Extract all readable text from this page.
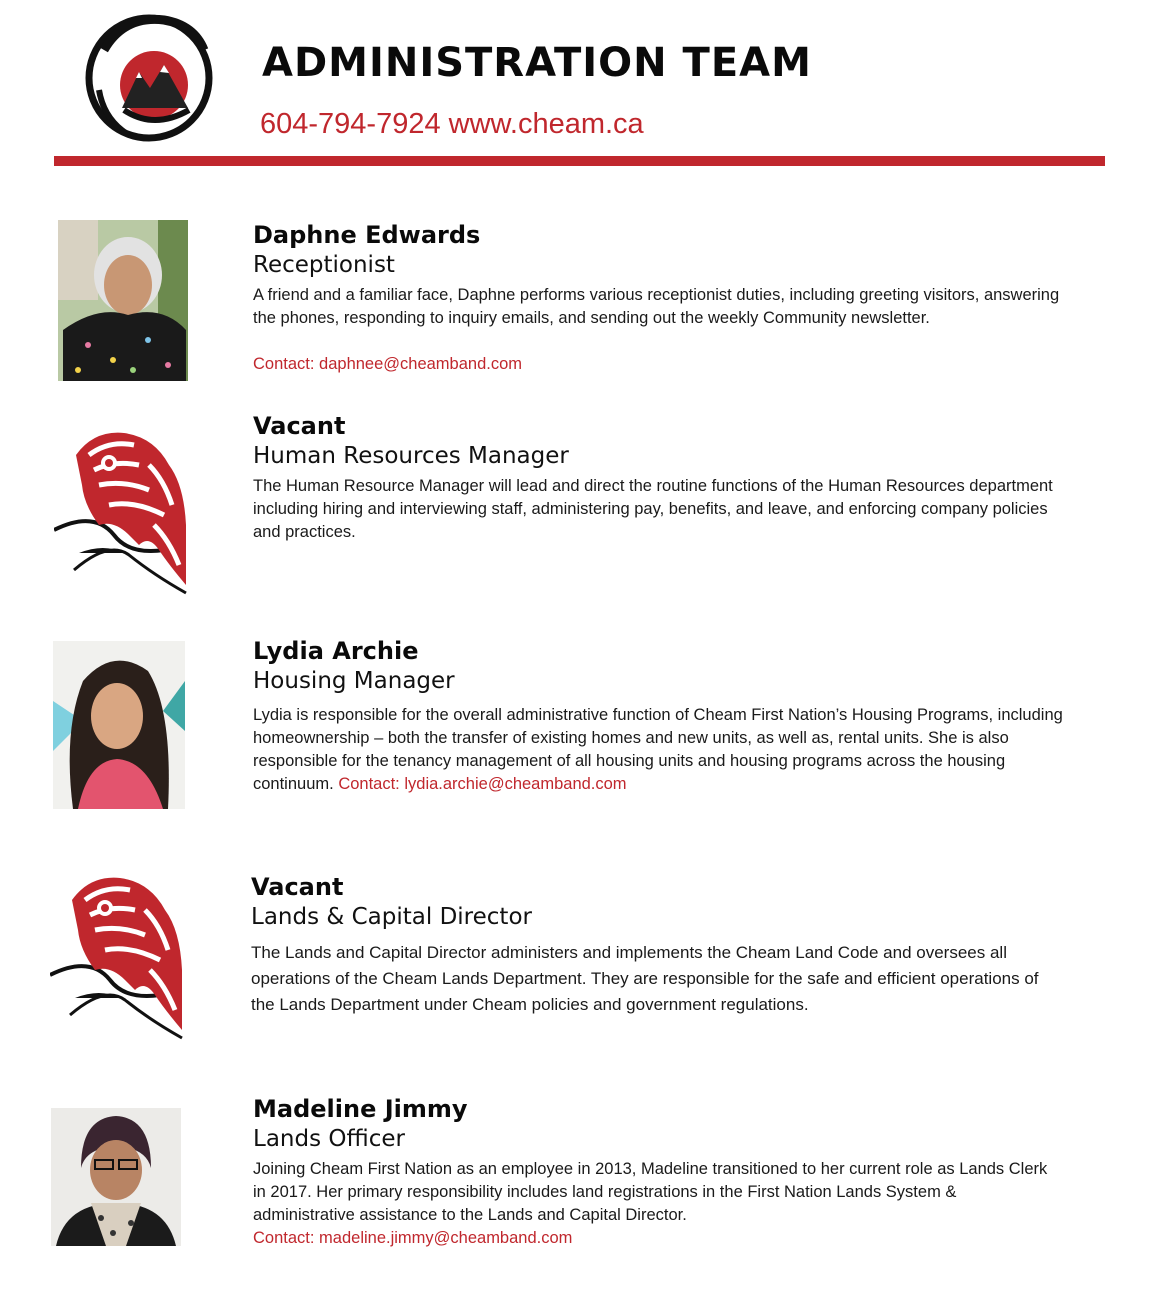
ADMINISTRATION TEAM
604-794-7924 www.cheam.ca
Daphne Edwards
Receptionist
A friend and a familiar face, Daphne performs various receptionist duties, including greeting visitors, answering the phones, responding to inquiry emails, and sending out the weekly Community newsletter.
Contact: daphnee@cheamband.com
Vacant
Human Resources Manager
The Human Resource Manager will lead and direct the routine functions of the Human Resources department including hiring and interviewing staff, administering pay, benefits, and leave, and enforcing company policies and practices.
Lydia Archie
Housing Manager
Lydia is responsible for the overall administrative function of Cheam First Nation’s Housing Programs, including homeownership – both the transfer of existing homes and new units, as well as, rental units. She is also responsible for the tenancy management of all housing units and housing programs across the housing continuum. Contact: lydia.archie@cheamband.com
Vacant
Lands & Capital Director
The Lands and Capital Director administers and implements the Cheam Land Code and oversees all operations of the Cheam Lands Department. They are responsible for the safe and efficient operations of the Lands Department under Cheam policies and government regulations.
Madeline Jimmy
Lands Officer
Joining Cheam First Nation as an employee in 2013, Madeline transitioned to her current role as Lands Clerk in 2017. Her primary responsibility includes land registrations in the First Nation Lands System & administrative assistance to the Lands and Capital Director.
Contact: madeline.jimmy@cheamband.com
